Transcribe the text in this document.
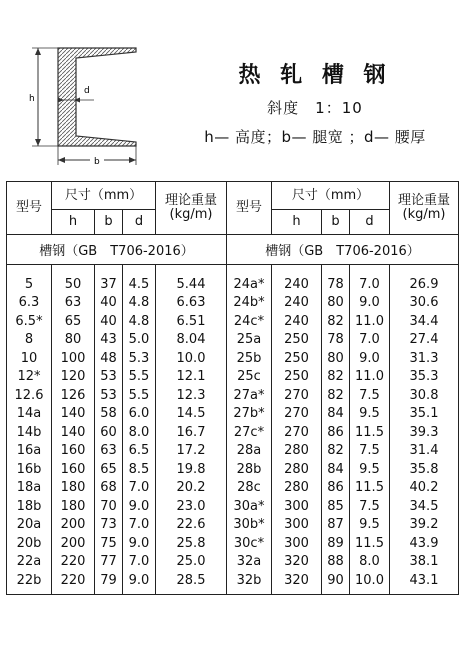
h
d
b
热 轧 槽 钢
斜度　1：10
h— 高度；b— 腿宽 ；d— 腰厚
型号	尺寸（mm）			理论重量(kg/m)	型号	尺寸（mm）			理论重量(kg/m)
	h	b	d			h	b	d	
槽钢（GB　T706-2016）					槽钢（GB　T706-2016）				
5	50	37	4.5	5.44	24a*	240	78	7.0	26.9
6.3	63	40	4.8	6.63	24b*	240	80	9.0	30.6
6.5*	65	40	4.8	6.51	24c*	240	82	11.0	34.4
8	80	43	5.0	8.04	25a	250	78	7.0	27.4
10	100	48	5.3	10.0	25b	250	80	9.0	31.3
12*	120	53	5.5	12.1	25c	250	82	11.0	35.3
12.6	126	53	5.5	12.3	27a*	270	82	7.5	30.8
14a	140	58	6.0	14.5	27b*	270	84	9.5	35.1
14b	140	60	8.0	16.7	27c*	270	86	11.5	39.3
16a	160	63	6.5	17.2	28a	280	82	7.5	31.4
16b	160	65	8.5	19.8	28b	280	84	9.5	35.8
18a	180	68	7.0	20.2	28c	280	86	11.5	40.2
18b	180	70	9.0	23.0	30a*	300	85	7.5	34.5
20a	200	73	7.0	22.6	30b*	300	87	9.5	39.2
20b	200	75	9.0	25.8	30c*	300	89	11.5	43.9
22a	220	77	7.0	25.0	32a	320	88	8.0	38.1
22b	220	79	9.0	28.5	32b	320	90	10.0	43.1
